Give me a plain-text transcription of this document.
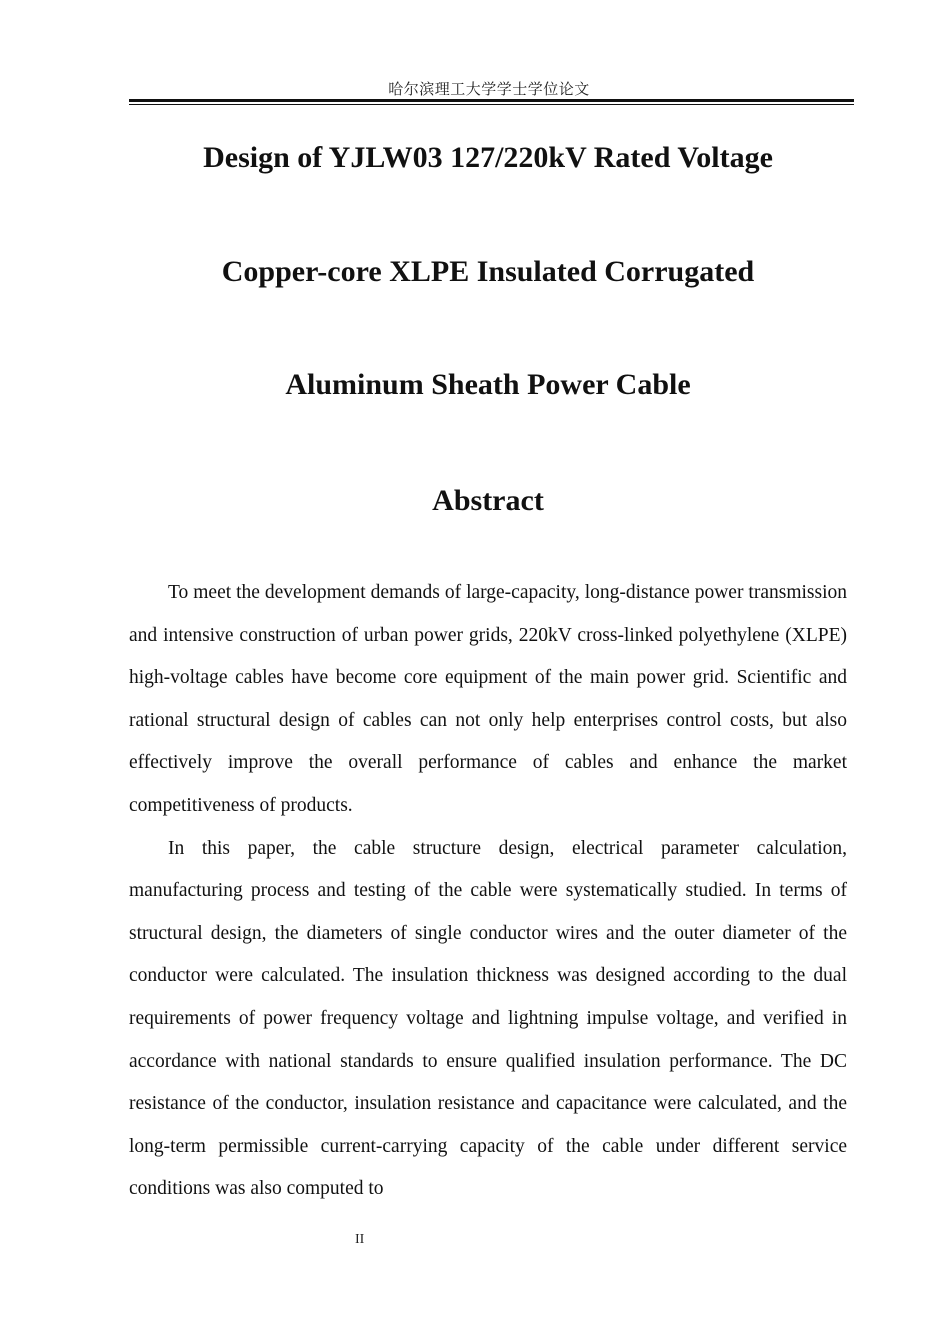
哈尔滨理工大学学士学位论文
Design of YJLW03 127/220kV Rated Voltage
Copper-core XLPE Insulated Corrugated
Aluminum Sheath Power Cable
Abstract

To meet the development demands of large-capacity, long-distance power transmission and intensive construction of urban power grids, 220kV cross-linked polyethylene (XLPE) high-voltage cables have become core equipment of the main power grid. Scientific and rational structural design of cables can not only help enterprises control costs, but also effectively improve the overall performance of cables and enhance the market competitiveness of products.

In this paper, the cable structure design, electrical parameter calculation, manufacturing process and testing of the cable were systematically studied. In terms of structural design, the diameters of single conductor wires and the outer diameter of the conductor were calculated. The insulation thickness was designed according to the dual requirements of power frequency voltage and lightning impulse voltage, and verified in accordance with national standards to ensure qualified insulation performance. The DC resistance of the conductor, insulation resistance and capacitance were calculated, and the long-term permissible current-carrying capacity of the cable under different service conditions was also computed to

II
